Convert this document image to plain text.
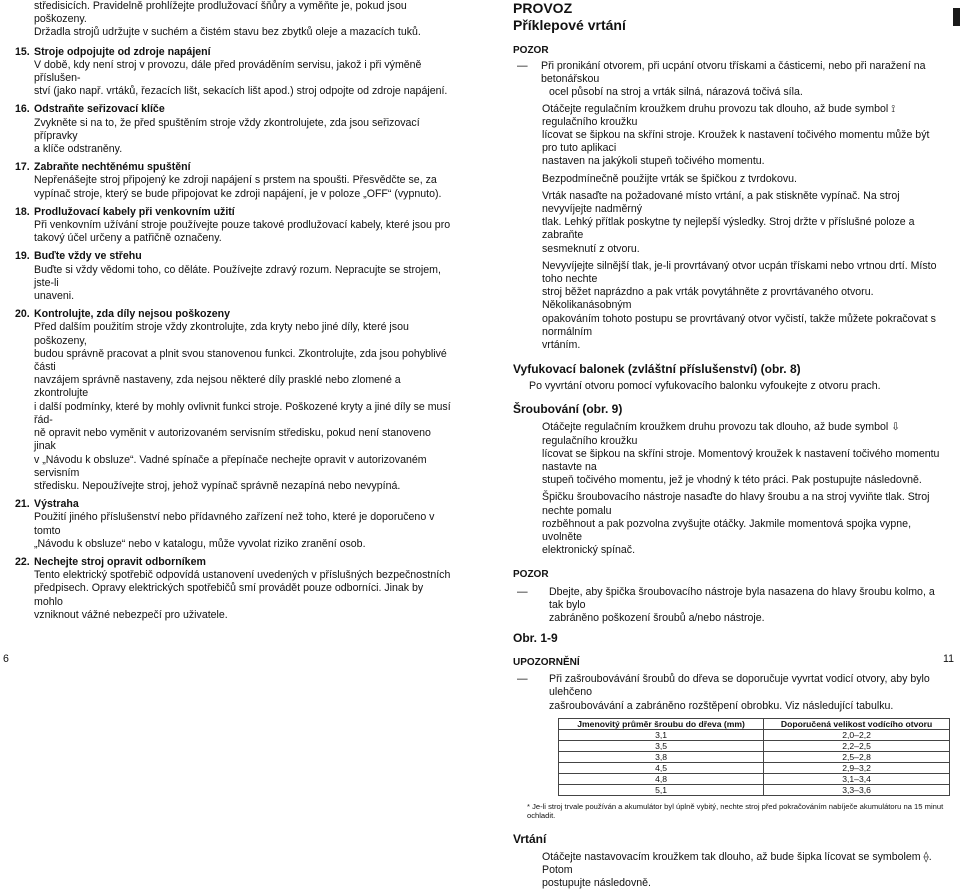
středisicích. Pravidelně prohlížejte prodlužovací šňůry a vyměňte je, pokud jsou poškozeny.

Držadla strojů udržujte v suchém a čistém stavu bez zbytků oleje a mazacích tuků.

15. Stroje odpojujte od zdroje napájení

V době, kdy není stroj v provozu, dále před prováděním servisu, jakož i při výměně příslušen-

ství (jako např. vrtáků, řezacích lišt, sekacích lišt apod.) stroj odpojte od zdroje napájení.

16. Odstraňte seřizovací klíče

Zvykněte si na to, že před spuštěním stroje vždy zkontrolujete, zda jsou seřizovací přípravky

a klíče odstraněny.

17. Zabraňte nechtěnému spuštění

Nepřenášejte stroj připojený ke zdroji napájení s prstem na spoušti. Přesvědčte se, za

vypínač stroje, který se bude připojovat ke zdroji napájení, je v poloze „OFF“ (vypnuto).

18. Prodlužovací kabely při venkovním užití

Při venkovním užívání stroje používejte pouze takové prodlužovací kabely, které jsou pro

takový účel určeny a patřičně označeny.

19. Buďte vždy ve střehu

Buďte si vždy vědomi toho, co děláte. Používejte zdravý rozum. Nepracujte se strojem, jste-li

unaveni.

20. Kontrolujte, zda díly nejsou poškozeny

Před dalším použitím stroje vždy zkontrolujte, zda kryty nebo jiné díly, které jsou poškozeny,

budou správně pracovat a plnit svou stanovenou funkci. Zkontrolujte, zda jsou pohyblivé části

navzájem správně nastaveny, zda nejsou některé díly prasklé nebo zlomené a zkontrolujte

i další podmínky, které by mohly ovlivnit funkci stroje. Poškozené kryty a jiné díly se musí řád-

ně opravit nebo vyměnit v autorizovaném servisním středisku, pokud není stanoveno jinak

v „Návodu k obsluze“. Vadné spínače a přepínače nechejte opravit v autorizovaném servisním

středisku. Nepoužívejte stroj, jehož vypínač správně nezapíná nebo nevypíná.

21. Výstraha

Použití jiného příslušenství nebo přídavného zařízení než toho, které je doporučeno v tomto

„Návodu k obsluze“ nebo v katalogu, může vyvolat riziko zranění osob.

22. Nechejte stroj opravit odborníkem

Tento elektrický spotřebič odpovídá ustanovení uvedených v příslušných bezpečnostních

předpisech. Opravy elektrických spotřebičů smí provádět pouze odborníci. Jinak by mohlo

vzniknout vážné nebezpečí pro uživatele.

PROVOZ

Příklepové vrtání

POZOR

— Při pronikání otvorem, při ucpání otvoru třískami a částicemi, nebo při naražení na betonářskou

ocel působí na stroj a vrták silná, nárazová točivá síla.

Otáčejte regulačním kroužkem druhu provozu tak dlouho, až bude symbol ⟟ regulačního kroužku

lícovat se šipkou na skříni stroje. Kroužek k nastavení točivého momentu může být pro tuto aplikaci

nastaven na jakýkoli stupeň točivého momentu.

Bezpodmínečně použijte vrták se špičkou z tvrdokovu.

Vrták nasaďte na požadované místo vrtání, a pak stiskněte vypínač. Na stroj nevyvíjejte nadměrný

tlak. Lehký přítlak poskytne ty nejlepší výsledky. Stroj držte v příslušné poloze a zabraňte

sesmeknutí z otvoru.

Nevyvíjejte silnější tlak, je-li provrtávaný otvor ucpán třískami nebo vrtnou drtí. Místo toho nechte

stroj běžet naprázdno a pak vrták povytáhněte z provrtávaného otvoru. Několikanásobným

opakováním tohoto postupu se provrtávaný otvor vyčistí, takže můžete pokračovat s normálním

vrtáním.

Vyfukovací balonek (zvláštní příslušenství) (obr. 8)

Po vyvrtání otvoru pomocí vyfukovacího balonku vyfoukejte z otvoru prach.

Šroubování (obr. 9)

Otáčejte regulačním kroužkem druhu provozu tak dlouho, až bude symbol ⇩ regulačního kroužku

lícovat se šipkou na skříni stroje. Momentový kroužek k nastavení točivého momentu nastavte na

stupeň točivého momentu, jež je vhodný k této práci. Pak postupujte následovně.

Špičku šroubovacího nástroje nasaďte do hlavy šroubu a na stroj vyviňte tlak. Stroj nechte pomalu

rozběhnout a pak pozvolna zvyšujte otáčky. Jakmile momentová spojka vypne, uvolněte

elektronický spínač.

POZOR

— Dbejte, aby špička šroubovacího nástroje byla nasazena do hlavy šroubu kolmo, a tak bylo

zabráněno poškození šroubů a/nebo nástroje.

Obr. 1-9

UPOZORNĚNÍ

— Při zašroubovávání šroubů do dřeva se doporučuje vyvrtat vodicí otvory, aby bylo ulehčeno

zašroubovávání a zabráněno rozštěpení obrobku. Viz následující tabulku.

Jmenovitý průměr šroubu do dřeva (mm)	Doporučená velikost vodícího otvoru
3,1	2,0–2,2
3,5	2,2–2,5
3,8	2,5–2,8
4,5	2,9–3,2
4,8	3,1–3,4
5,1	3,3–3,6

* Je-li stroj trvale používán a akumulátor byl úplně vybitý, nechte stroj před pokračováním nabíječe akumulátoru na 15 minut ochladit.

Vrtání

Otáčejte nastavovacím kroužkem tak dlouho, až bude šipka lícovat se symbolem ⟠. Potom

postupujte následovně.

6	11
